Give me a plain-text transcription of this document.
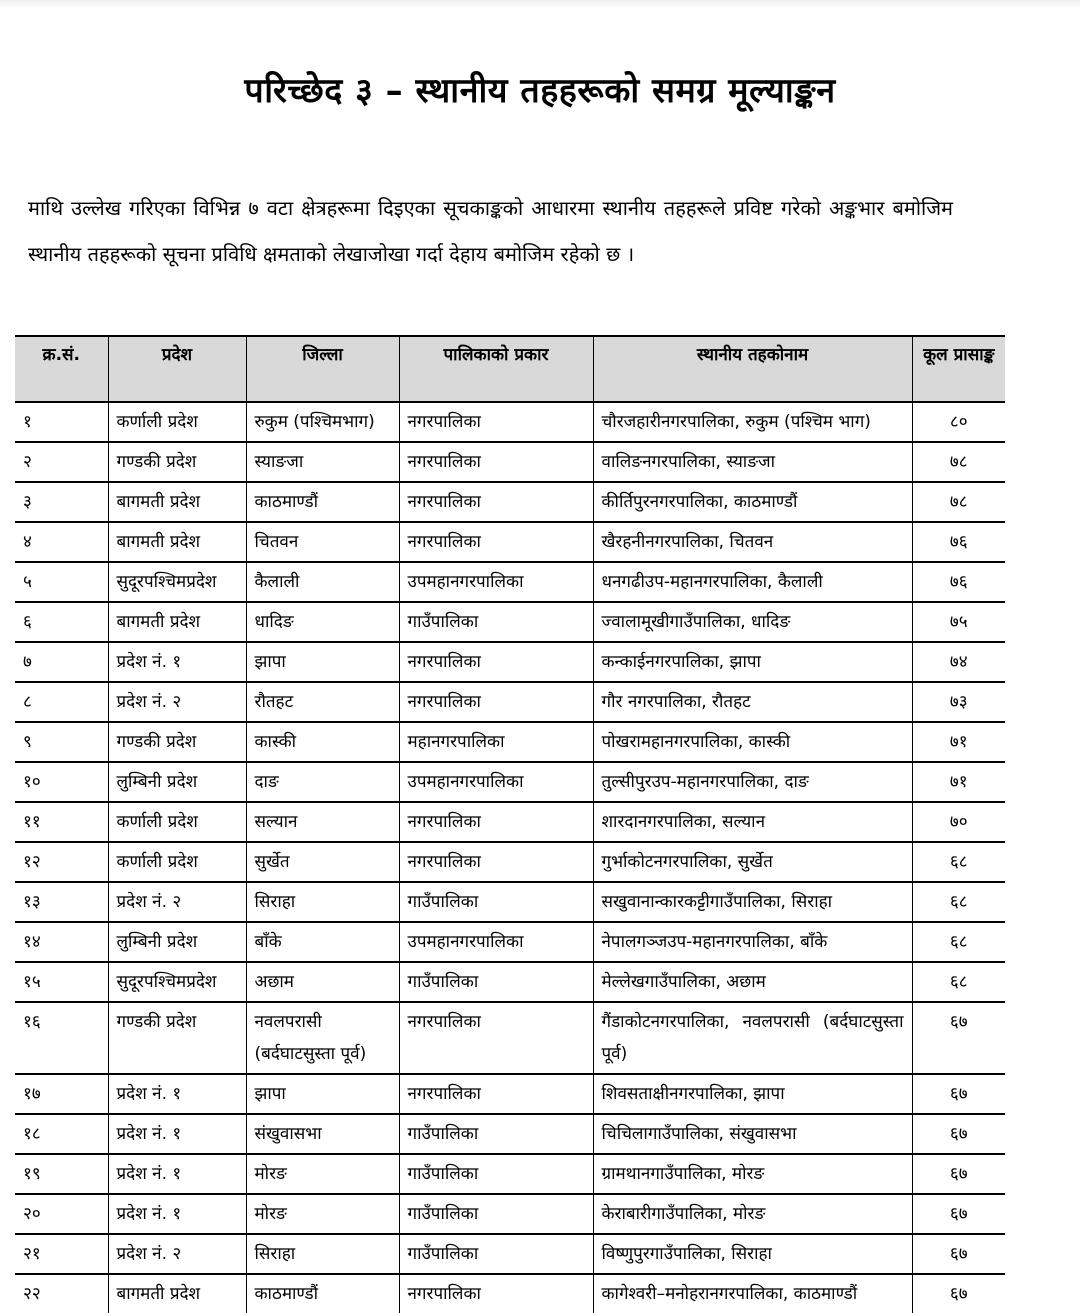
परिच्छेद ३ – स्थानीय तहहरूको समग्र मूल्याङ्कन

माथि उल्लेख गरिएका विभिन्न ७ वटा क्षेत्रहरूमा दिइएका सूचकाङ्कको आधारमा स्थानीय तहहरूले प्रविष्ट गरेको अङ्कभार बमोजिम स्थानीय तहहरूको सूचना प्रविधि क्षमताको लेखाजोखा गर्दा देहाय बमोजिम रहेको छ ।

क्र.सं.	प्रदेश	जिल्ला	पालिकाको प्रकार	स्थानीय तहकोनाम	कूल प्रासाङ्क
१	कर्णाली प्रदेश	रुकुम (पश्चिमभाग)	नगरपालिका	चौरजहारीनगरपालिका, रुकुम (पश्चिम भाग)	८०
२	गण्डकी प्रदेश	स्याङजा	नगरपालिका	वालिङनगरपालिका, स्याङजा	७८
३	बागमती प्रदेश	काठमाण्डौं	नगरपालिका	कीर्तिपुरनगरपालिका, काठमाण्डौं	७८
४	बागमती प्रदेश	चितवन	नगरपालिका	खैरहनीनगरपालिका, चितवन	७६
५	सुदूरपश्चिमप्रदेश	कैलाली	उपमहानगरपालिका	धनगढीउप-महानगरपालिका, कैलाली	७६
६	बागमती प्रदेश	धादिङ	गाउँपालिका	ज्वालामूखीगाउँपालिका, धादिङ	७५
७	प्रदेश नं. १	झापा	नगरपालिका	कन्काईनगरपालिका, झापा	७४
८	प्रदेश नं. २	रौतहट	नगरपालिका	गौर नगरपालिका, रौतहट	७३
९	गण्डकी प्रदेश	कास्की	महानगरपालिका	पोखरामहानगरपालिका, कास्की	७१
१०	लुम्बिनी प्रदेश	दाङ	उपमहानगरपालिका	तुल्सीपुरउप-महानगरपालिका, दाङ	७१
११	कर्णाली प्रदेश	सल्यान	नगरपालिका	शारदानगरपालिका, सल्यान	७०
१२	कर्णाली प्रदेश	सुर्खेत	नगरपालिका	गुर्भाकोटनगरपालिका, सुर्खेत	६८
१३	प्रदेश नं. २	सिराहा	गाउँपालिका	सखुवानान्कारकट्टीगाउँपालिका, सिराहा	६८
१४	लुम्बिनी प्रदेश	बाँके	उपमहानगरपालिका	नेपालगञ्जउप-महानगरपालिका, बाँके	६८
१५	सुदूरपश्चिमप्रदेश	अछाम	गाउँपालिका	मेल्लेखगाउँपालिका, अछाम	६८
१६	गण्डकी प्रदेश	नवलपरासी (बर्दघाटसुस्ता पूर्व)	नगरपालिका	गैंडाकोटनगरपालिका, नवलपरासी (बर्दघाटसुस्ता पूर्व)	६७
१७	प्रदेश नं. १	झापा	नगरपालिका	शिवसताक्षीनगरपालिका, झापा	६७
१८	प्रदेश नं. १	संखुवासभा	गाउँपालिका	चिचिलागाउँपालिका, संखुवासभा	६७
१९	प्रदेश नं. १	मोरङ	गाउँपालिका	ग्रामथानगाउँपालिका, मोरङ	६७
२०	प्रदेश नं. १	मोरङ	गाउँपालिका	केराबारीगाउँपालिका, मोरङ	६७
२१	प्रदेश नं. २	सिराहा	गाउँपालिका	विष्णुपुरगाउँपालिका, सिराहा	६७
२२	बागमती प्रदेश	काठमाण्डौं	नगरपालिका	कागेश्वरी–मनोहरानगरपालिका, काठमाण्डौं	६७
